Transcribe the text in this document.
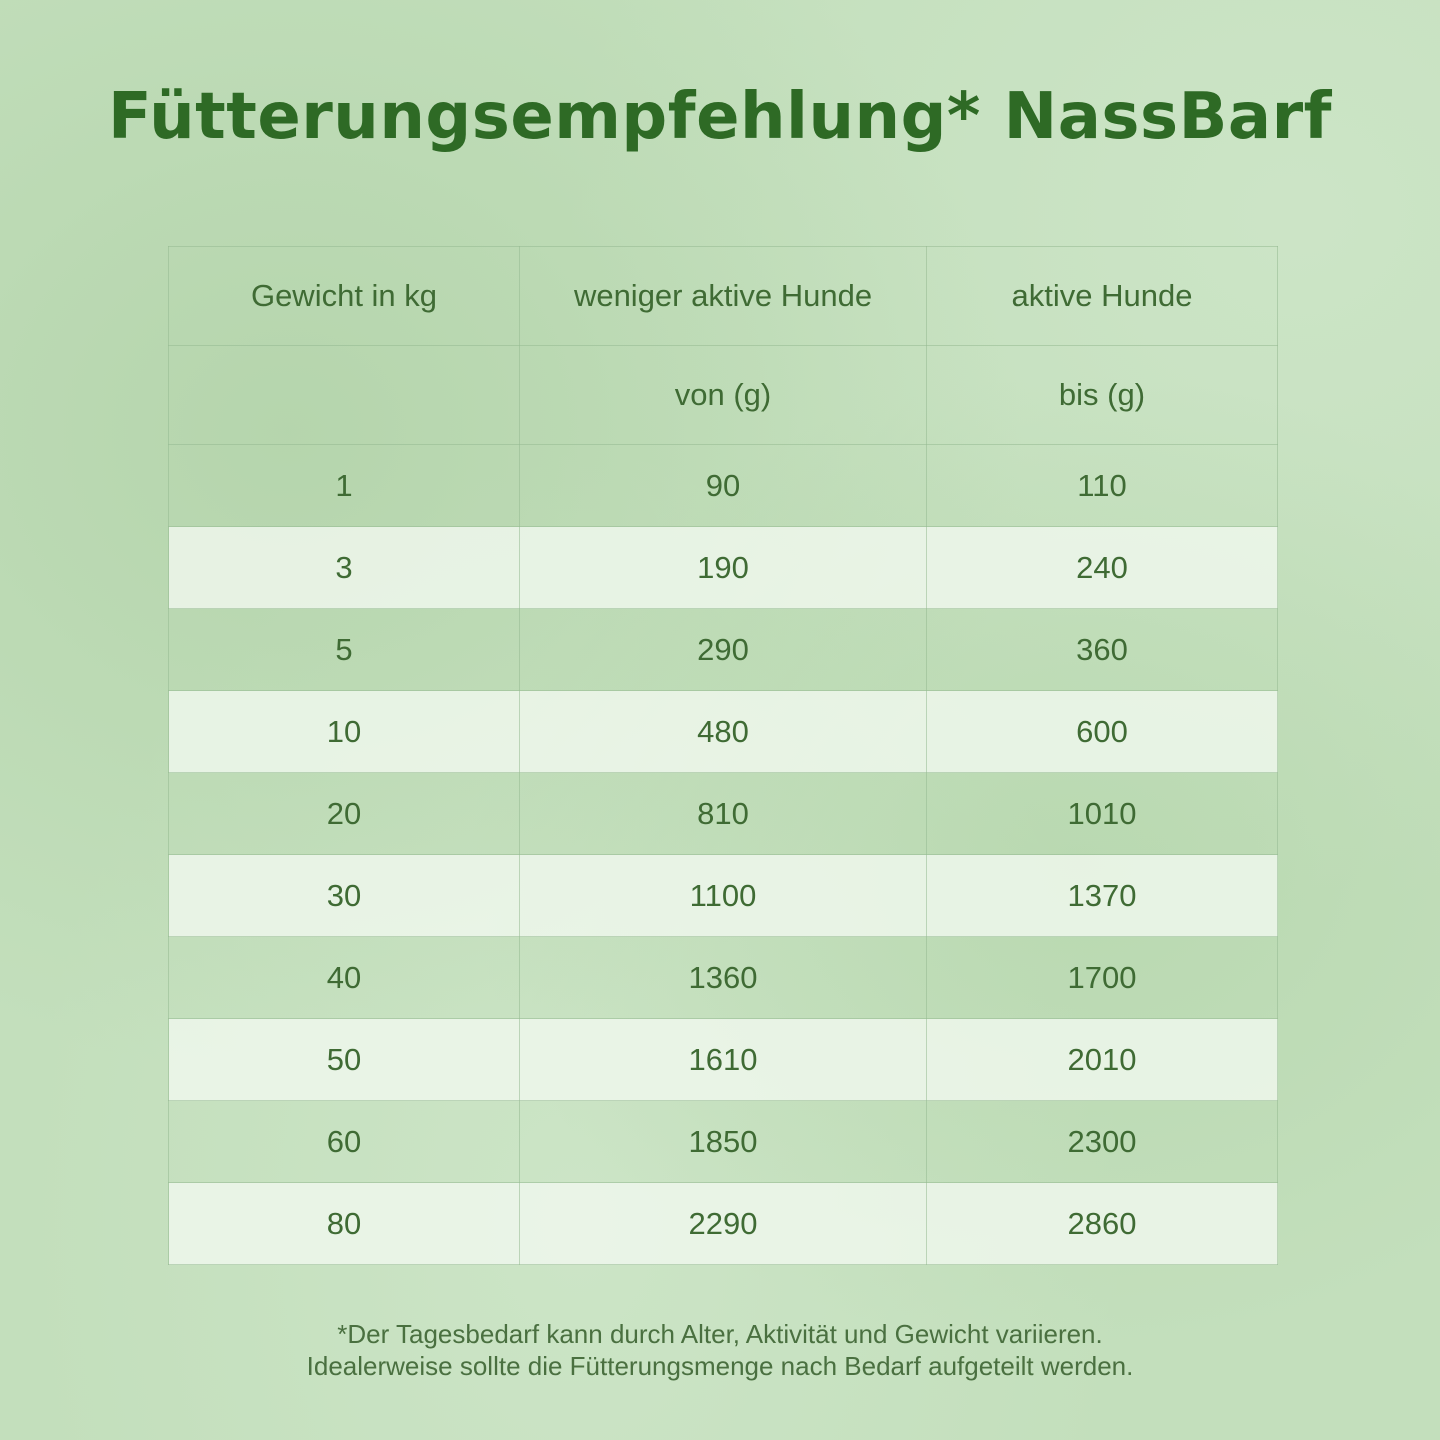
Fütterungsempfehlung* NassBarf
Gewicht in kg	weniger aktive Hunde	aktive Hunde
	von (g)	bis (g)
1	90	110
3	190	240
5	290	360
10	480	600
20	810	1010
30	1100	1370
40	1360	1700
50	1610	2010
60	1850	2300
80	2290	2860
*Der Tagesbedarf kann durch Alter, Aktivität und Gewicht variieren.
Idealerweise sollte die Fütterungsmenge nach Bedarf aufgeteilt werden.
